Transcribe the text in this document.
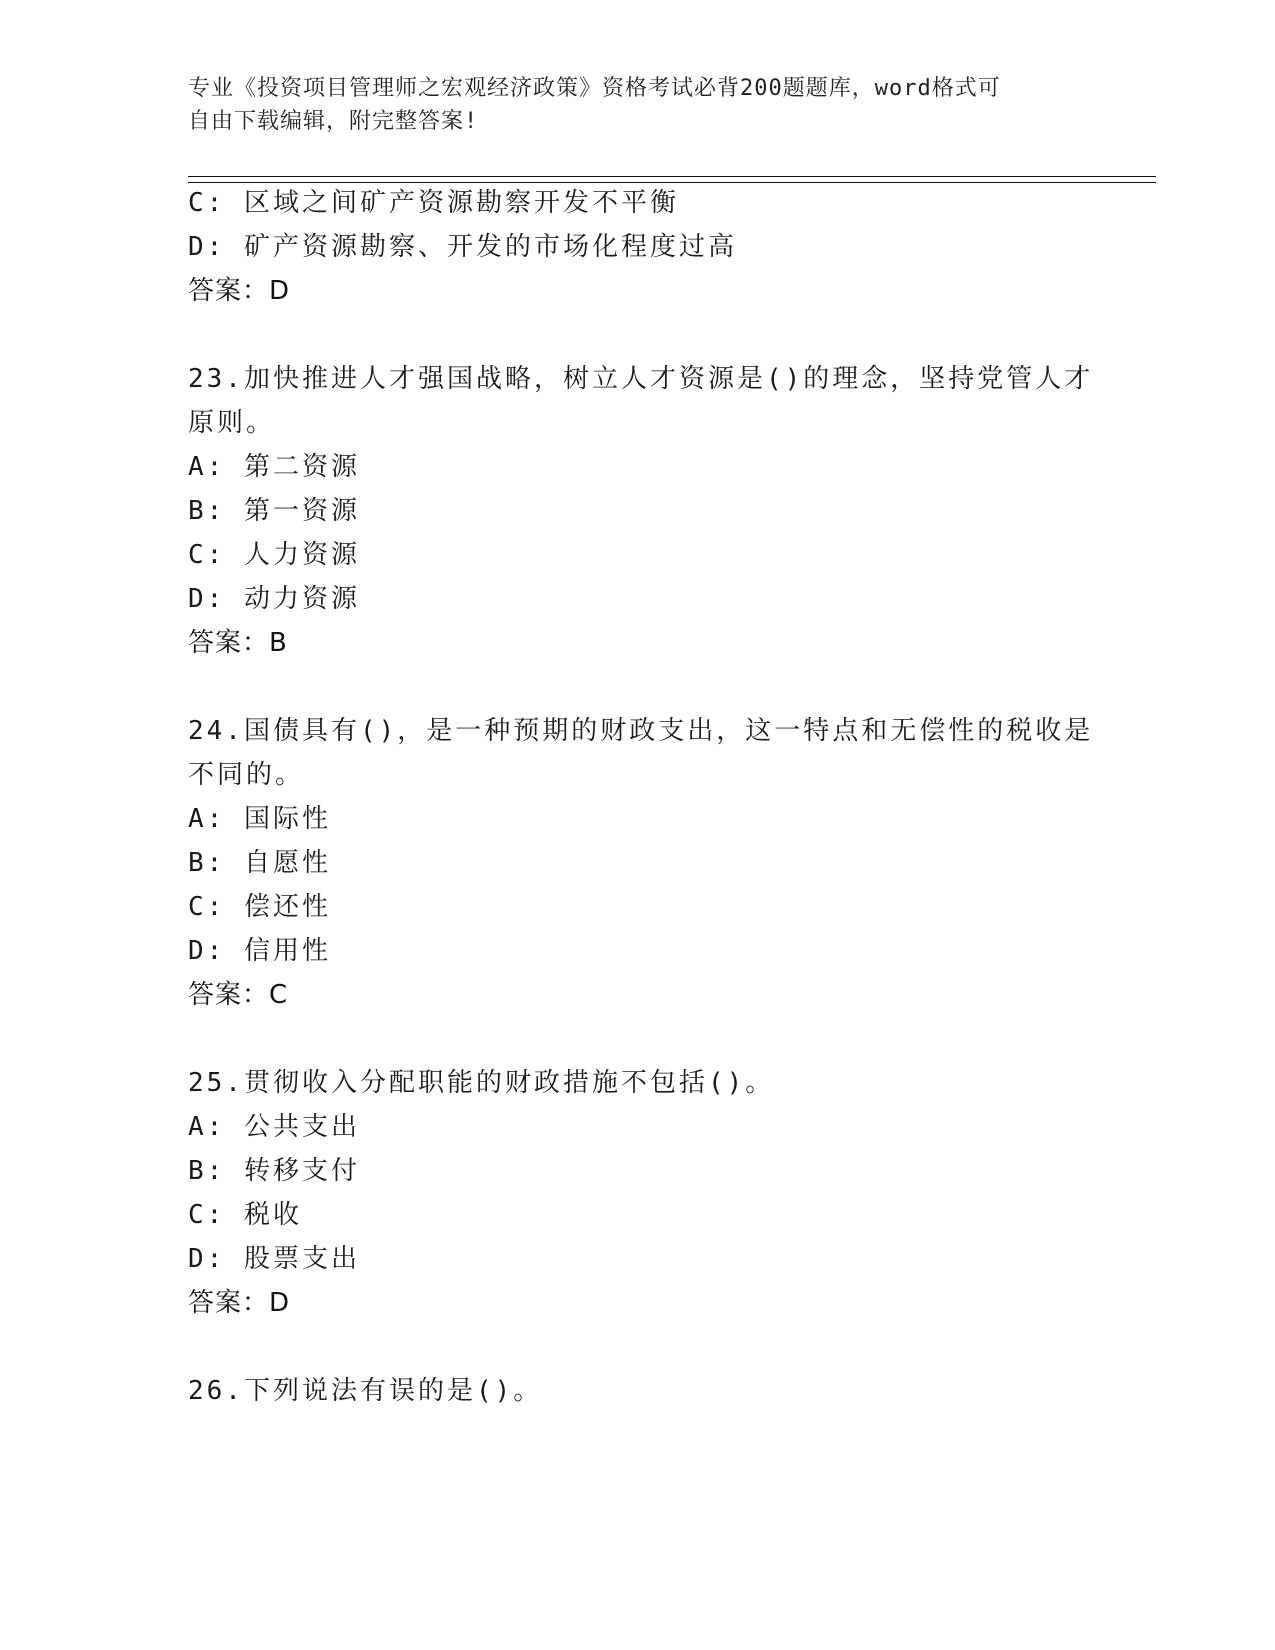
专业《投资项目管理师之宏观经济政策》资格考试必背200题题库，word格式可
自由下载编辑，附完整答案!
C: 区域之间矿产资源勘察开发不平衡
D: 矿产资源勘察、开发的市场化程度过高
答案：D
23.加快推进人才强国战略，树立人才资源是()的理念，坚持党管人才
原则。
A: 第二资源
B: 第一资源
C: 人力资源
D: 动力资源
答案：B
24.国债具有()，是一种预期的财政支出，这一特点和无偿性的税收是
不同的。
A: 国际性
B: 自愿性
C: 偿还性
D: 信用性
答案：C
25.贯彻收入分配职能的财政措施不包括()。
A: 公共支出
B: 转移支付
C: 税收
D: 股票支出
答案：D
26.下列说法有误的是()。
